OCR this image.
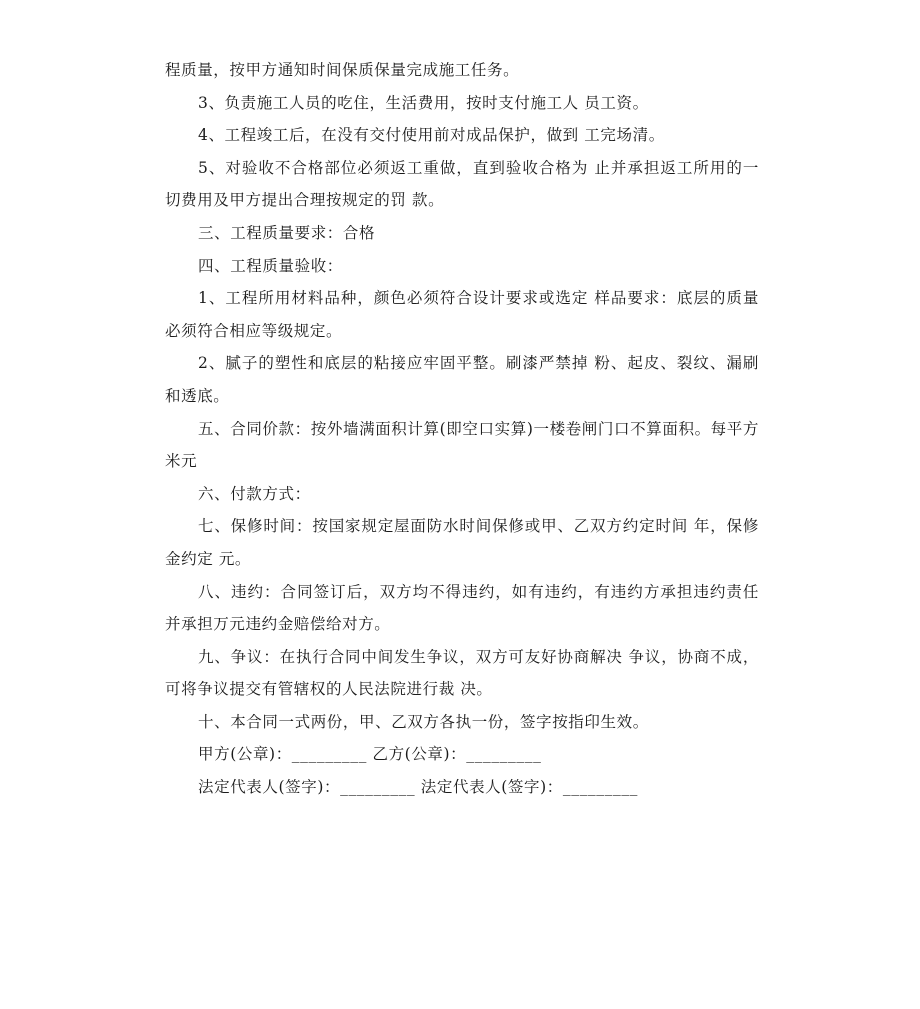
程质量，按甲方通知时间保质保量完成施工任务。

3、负责施工人员的吃住，生活费用，按时支付施工人 员工资。

4、工程竣工后，在没有交付使用前对成品保护，做到 工完场清。

5、对验收不合格部位必须返工重做，直到验收合格为 止并承担返工所用的一切费用及甲方提出合理按规定的罚 款。

三、工程质量要求：合格

四、工程质量验收：

1、工程所用材料品种，颜色必须符合设计要求或选定 样品要求：底层的质量必须符合相应等级规定。

2、腻子的塑性和底层的粘接应牢固平整。刷漆严禁掉 粉、起皮、裂纹、漏刷和透底。

五、合同价款：按外墙满面积计算(即空口实算)一楼卷闸门口不算面积。每平方米元

六、付款方式：

七、保修时间：按国家规定屋面防水时间保修或甲、乙双方约定时间 年，保修金约定 元。

八、违约：合同签订后，双方均不得违约，如有违约，有违约方承担违约责任并承担万元违约金赔偿给对方。

九、争议：在执行合同中间发生争议，双方可友好协商解决 争议，协商不成，可将争议提交有管辖权的人民法院进行裁 决。

十、本合同一式两份，甲、乙双方各执一份，签字按指印生效。

甲方(公章)：_________ 乙方(公章)：_________

法定代表人(签字)：_________ 法定代表人(签字)：_________
